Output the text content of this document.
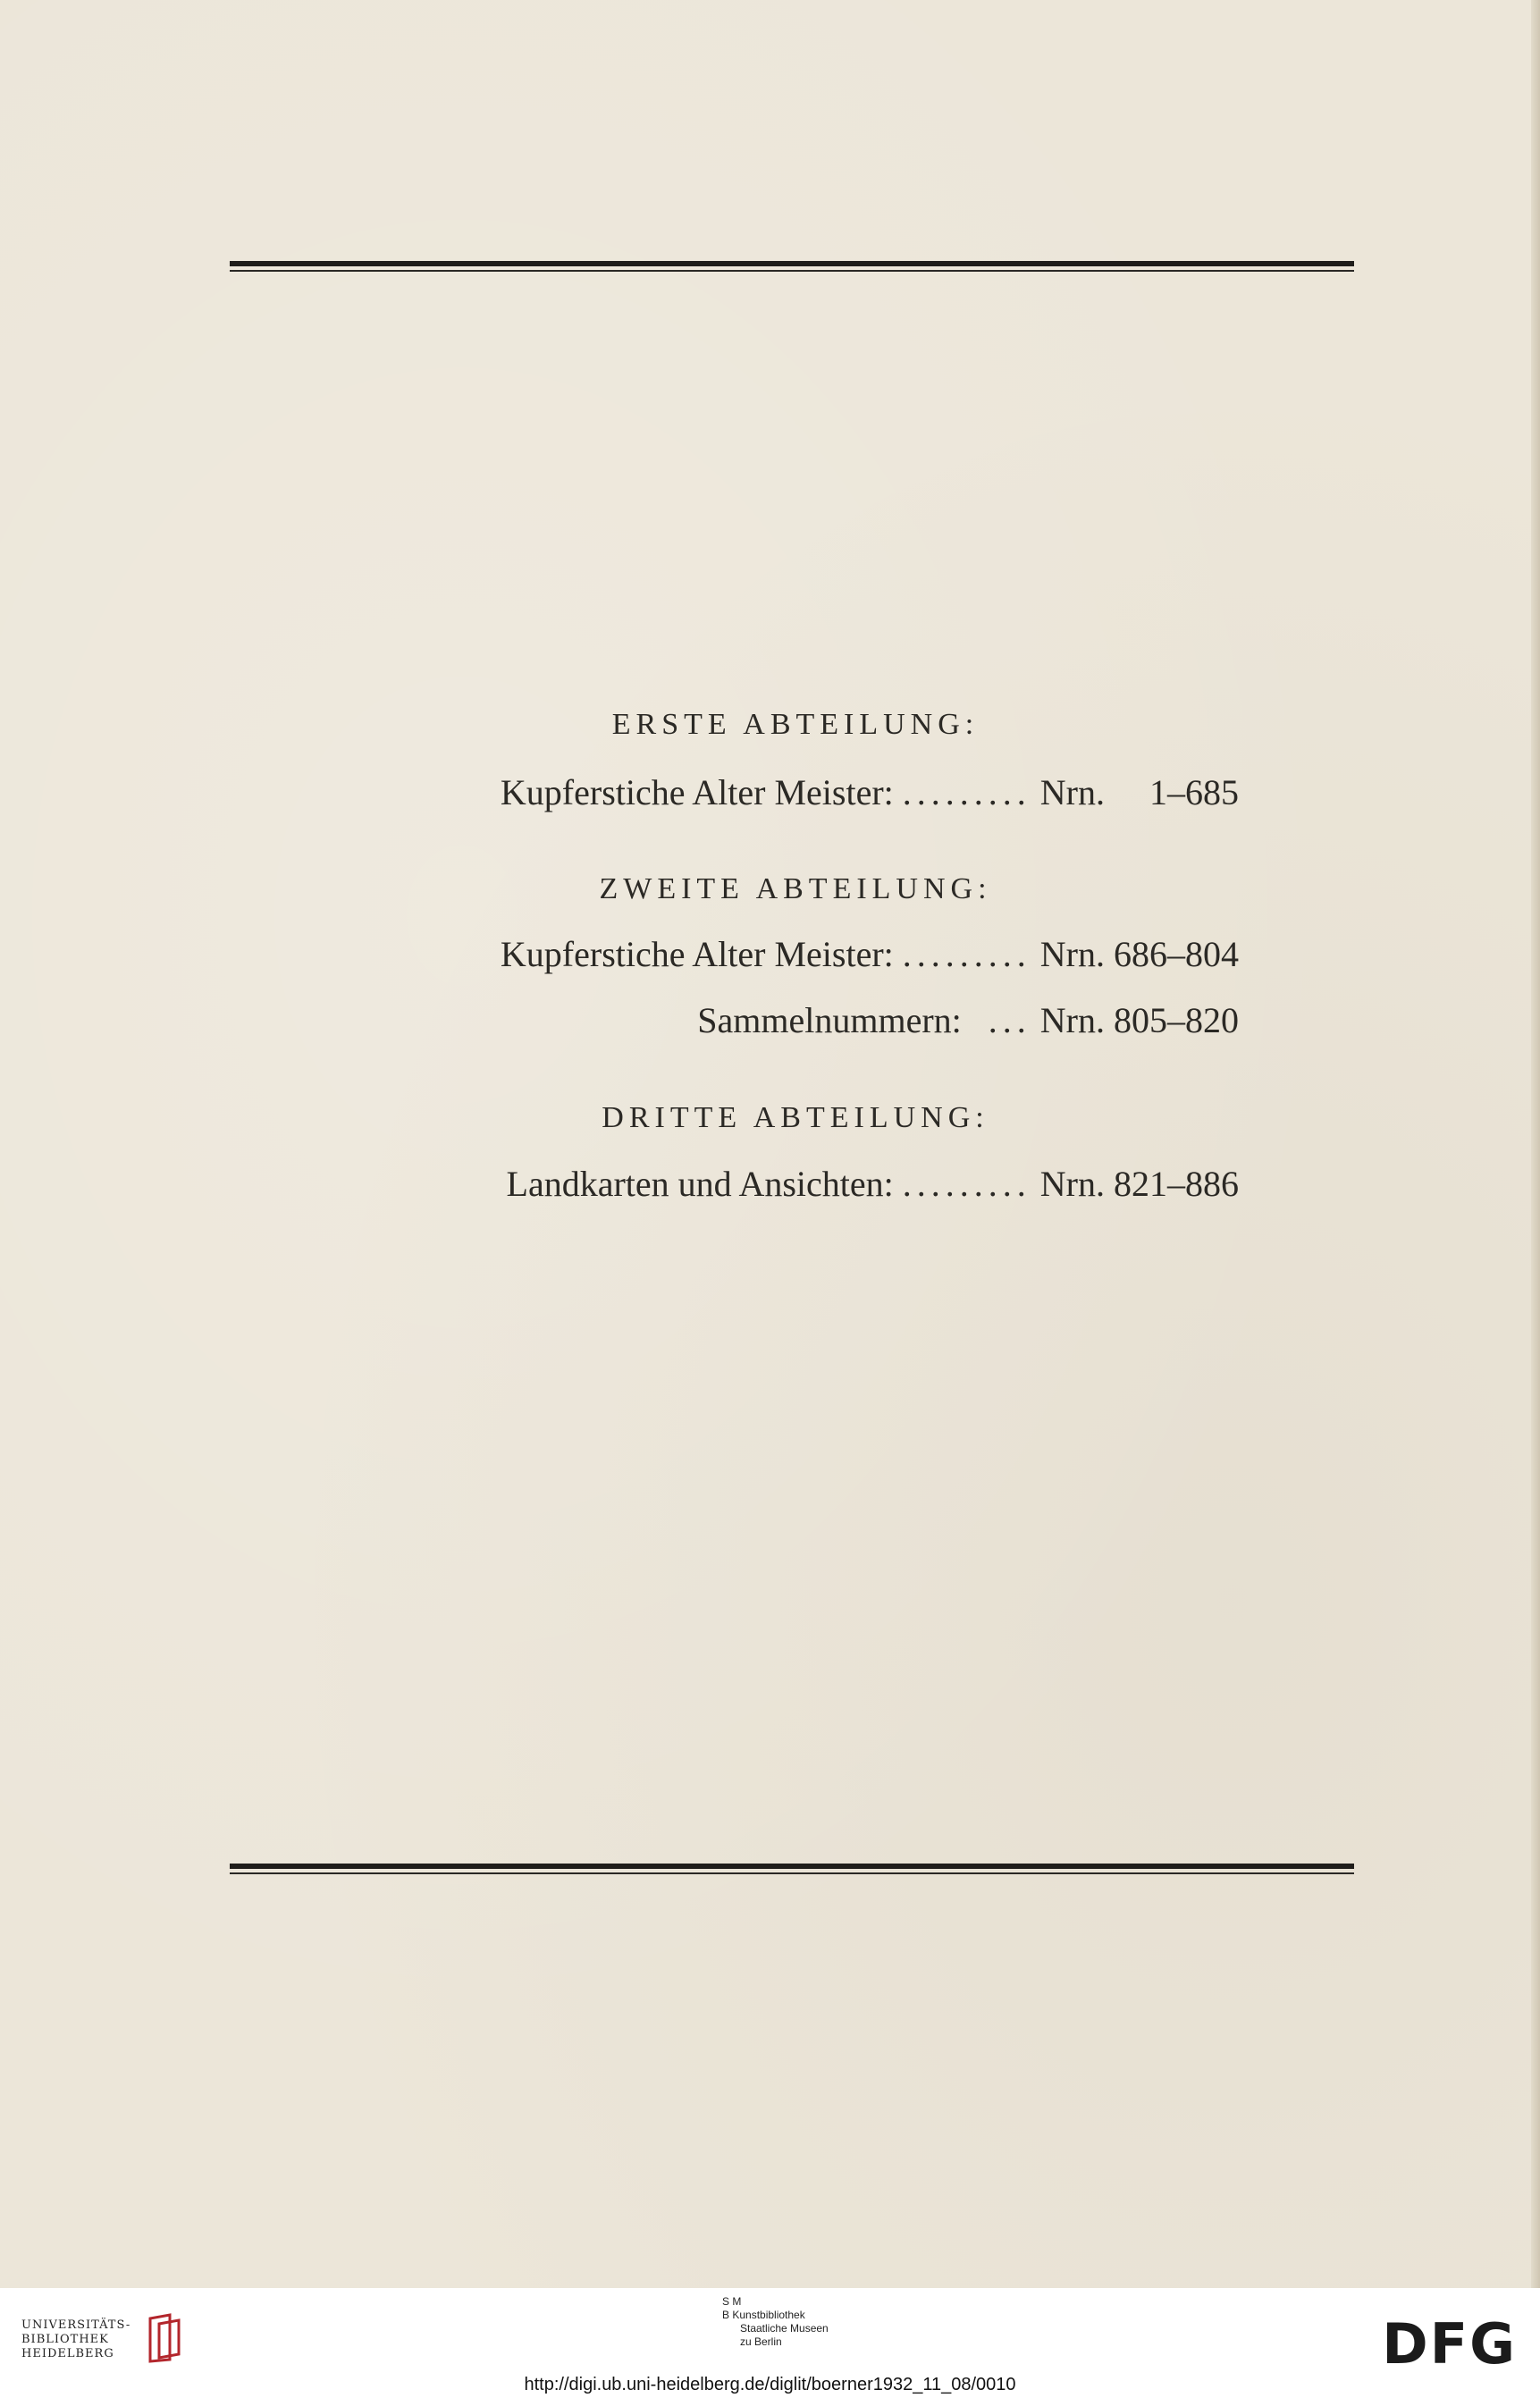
ERSTE ABTEILUNG:
Kupferstiche Alter Meister: ......... Nrn. 1–685
ZWEITE ABTEILUNG:
Kupferstiche Alter Meister: ......... Nrn. 686–804
Sammelnummern: ... Nrn. 805–820
DRITTE ABTEILUNG:
Landkarten und Ansichten: ......... Nrn. 821–886
UNIVERSITÄTS-
BIBLIOTHEK
HEIDELBERG
S M
B Kunstbibliothek
Staatliche Museen
zu Berlin	DFG
http://digi.ub.uni-heidelberg.de/diglit/boerner1932_11_08/0010
